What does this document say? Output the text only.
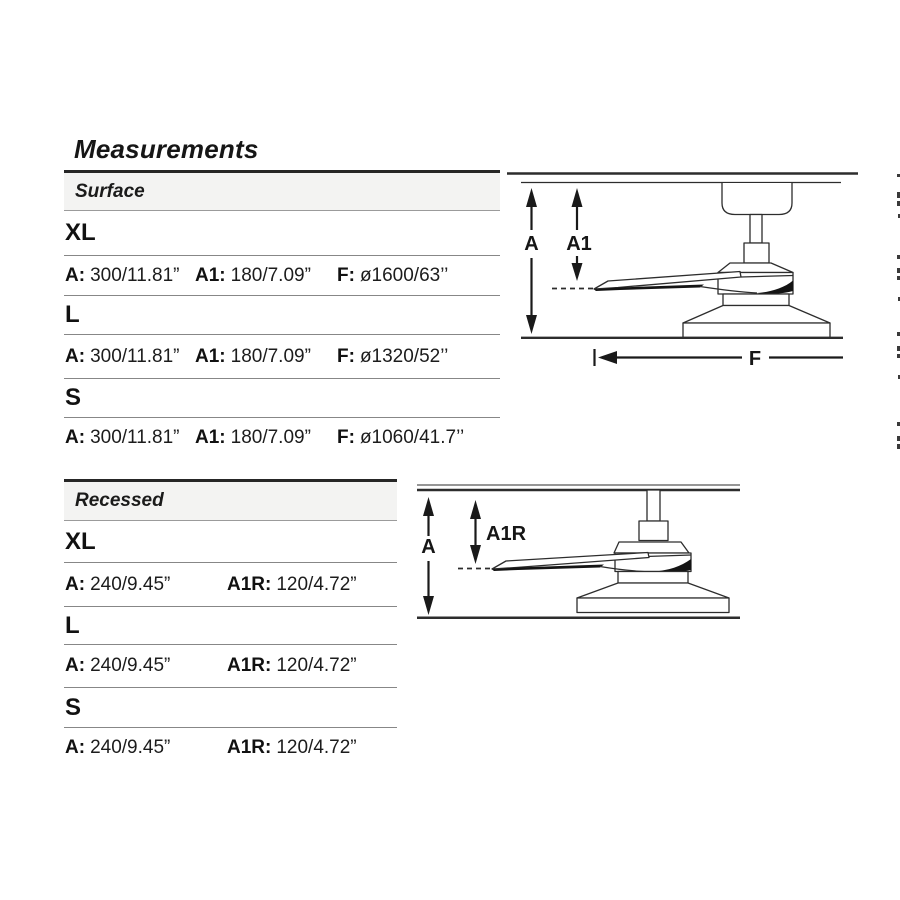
Measurements
Surface
XL
A: 300/11.81” A1: 180/7.09” F: ø1600/63’’
L
A: 300/11.81” A1: 180/7.09” F: ø1320/52’’
S
A: 300/11.81” A1: 180/7.09” F: ø1060/41.7’’
A A1
F
Recessed
XL
A: 240/9.45”	A1R: 120/4.72”
L
A: 240/9.45”	A1R: 120/4.72”
S
A: 240/9.45”	A1R: 120/4.72”
A
A1R
